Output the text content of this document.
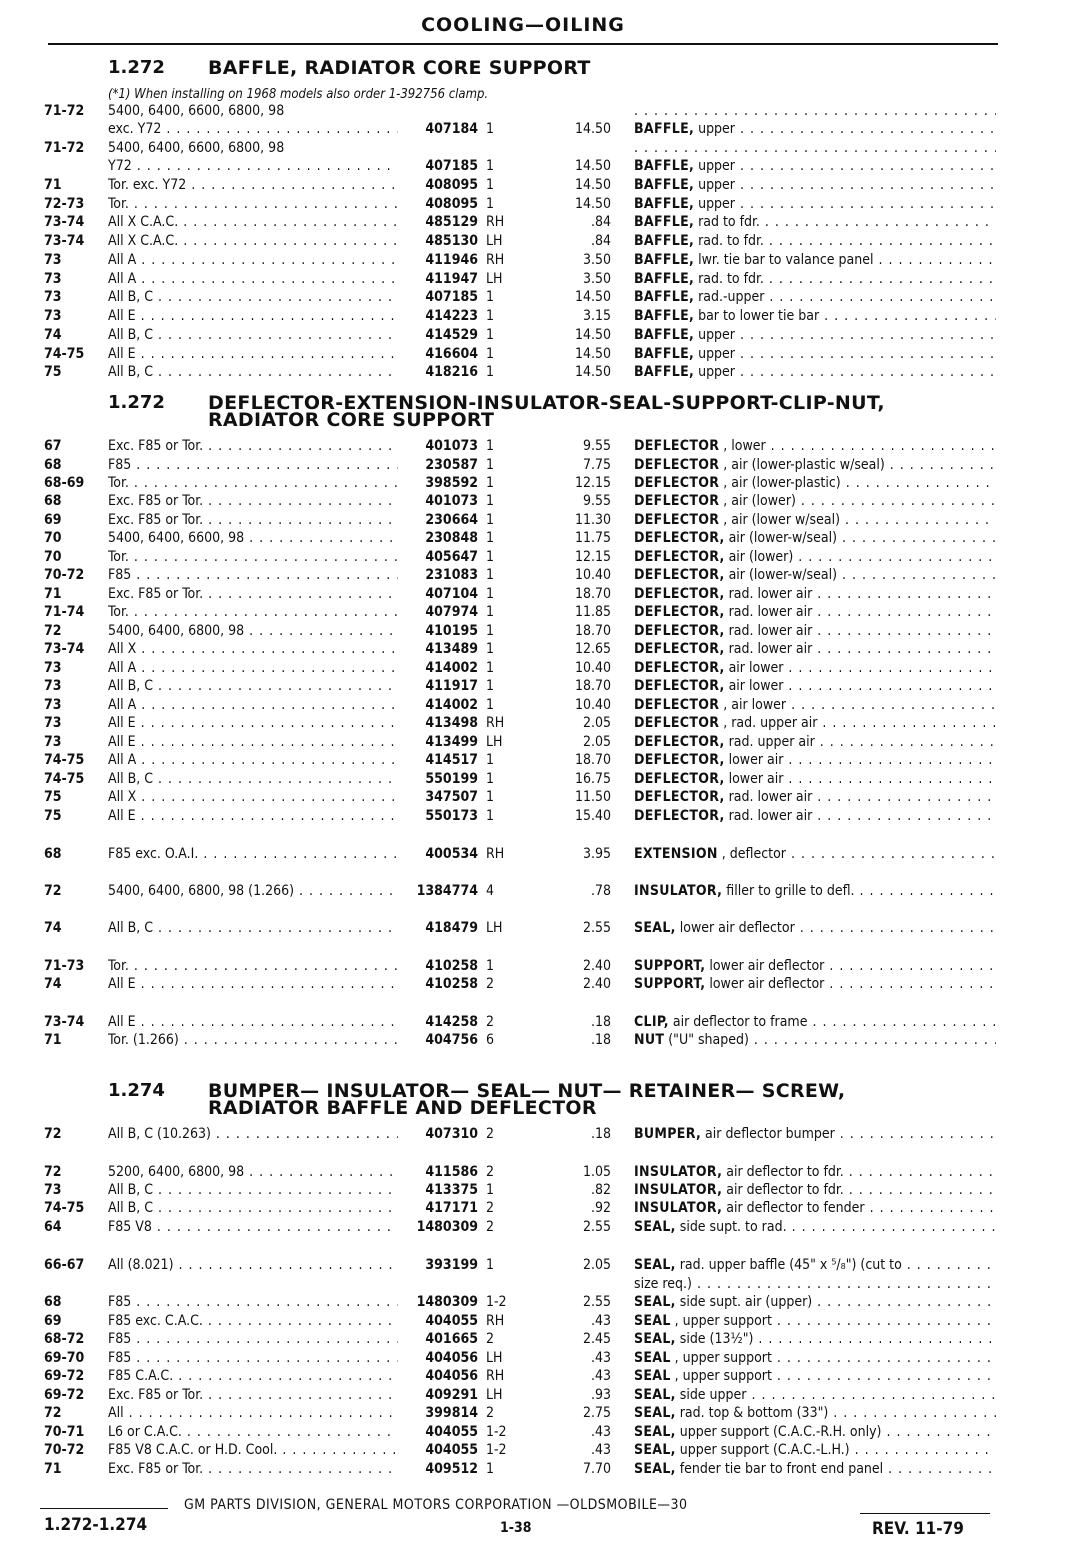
COOLING—OILING
1.272 BAFFLE, RADIATOR CORE SUPPORT
(*1) When installing on 1968 models also order 1-392756 clamp.
71-72 5400, 6400, 6600, 6800, 98
. . .
exc. Y72 . . .	407184 1	14.50 BAFFLE, upper . . .
71-72 5400, 6400, 6600, 6800, 98
. . .
Y72 . . .	407185 1	14.50 BAFFLE, upper . . .
71	Tor. exc. Y72 . . .	408095 1	14.50 BAFFLE, upper . . .
72-73 Tor. . . .	408095 1	14.50 BAFFLE, upper . . .
73-74 All X C.A.C. . . .	485129 RH	.84 BAFFLE, rad to fdr. . . .
73-74 All X C.A.C. . . .	485130 LH	.84 BAFFLE, rad. to fdr. . . .
73	All A . . .	411946 RH	3.50 BAFFLE, lwr. tie bar to valance panel . . .
73	All A . . .	411947 LH	3.50 BAFFLE, rad. to fdr. . . .
73	All B, C . . .	407185 1	14.50 BAFFLE, rad.-upper . . .
73	All E . . .	414223 1	3.15 BAFFLE, bar to lower tie bar . . .
74	All B, C . . .	414529 1	14.50 BAFFLE, upper . . .
74-75 All E . . .	416604 1	14.50 BAFFLE, upper . . .
75	All B, C . . .	418216 1	14.50 BAFFLE, upper . . .
1.272 DEFLECTOR-EXTENSION-INSULATOR-SEAL-SUPPORT-CLIP-NUT,
RADIATOR CORE SUPPORT
67	Exc. F85 or Tor. . . .	401073 1	9.55 DEFLECTOR , lower . . .
68	F85 . . .	230587 1	7.75 DEFLECTOR , air (lower-plastic w/seal) . . .
68-69 Tor. . . .	398592 1	12.15 DEFLECTOR , air (lower-plastic) . . .
68	Exc. F85 or Tor. . . .	401073 1	9.55 DEFLECTOR , air (lower) . . .
69	Exc. F85 or Tor. . . .	230664 1	11.30 DEFLECTOR , air (lower w/seal) . . .
70	5400, 6400, 6600, 98 . . .	230848 1	11.75 DEFLECTOR, air (lower-w/seal) . . .
70	Tor. . . .	405647 1	12.15 DEFLECTOR, air (lower) . . .
70-72 F85 . . .	231083 1	10.40 DEFLECTOR, air (lower-w/seal) . . .
71	Exc. F85 or Tor. . . .	407104 1	18.70 DEFLECTOR, rad. lower air . . .
71-74 Tor. . . .	407974 1	11.85 DEFLECTOR, rad. lower air . . .
72	5400, 6400, 6800, 98 . . .	410195 1	18.70 DEFLECTOR, rad. lower air . . .
73-74 All X . . .	413489 1	12.65 DEFLECTOR, rad. lower air . . .
73	All A . . .	414002 1	10.40 DEFLECTOR, air lower . . .
73	All B, C . . .	411917 1	18.70 DEFLECTOR, air lower . . .
73	All A . . .	414002 1	10.40 DEFLECTOR , air lower . . .
73	All E . . .	413498 RH	2.05 DEFLECTOR , rad. upper air . . .
73	All E . . .	413499 LH	2.05 DEFLECTOR, rad. upper air . . .
74-75 All A . . .	414517 1	18.70 DEFLECTOR, lower air . . .
74-75 All B, C . . .	550199 1	16.75 DEFLECTOR, lower air . . .
75	All X . . .	347507 1	11.50 DEFLECTOR, rad. lower air . . .
75	All E . . .	550173 1	15.40 DEFLECTOR, rad. lower air . . .
68	F85 exc. O.A.I. . . .	400534 RH	3.95 EXTENSION , deflector . . .
72	5400, 6400, 6800, 98 (1.266) . . .	1384774 4	.78 INSULATOR, filler to grille to defl. . . .
74	All B, C . . .	418479 LH	2.55 SEAL, lower air deflector . . .
71-73 Tor. . . .	410258 1	2.40 SUPPORT, lower air deflector . . .
74	All E . . .	410258 2	2.40 SUPPORT, lower air deflector . . .
73-74 All E . . .	414258 2	.18 CLIP, air deflector to frame . . .
71	Tor. (1.266) . . .	404756 6	.18 NUT ("U" shaped) . . .
1.274 BUMPER— INSULATOR— SEAL— NUT— RETAINER— SCREW,
RADIATOR BAFFLE AND DEFLECTOR
72	All B, C (10.263) . . .	407310 2	.18 BUMPER, air deflector bumper . . .
72	5200, 6400, 6800, 98 . . .	411586 2	1.05 INSULATOR, air deflector to fdr. . . .
73	All B, C . . .	413375 1	.82 INSULATOR, air deflector to fdr. . . .
74-75 All B, C . . .	417171 2	.92 INSULATOR, air deflector to fender . . .
64	F85 V8 . . .	1480309 2	2.55 SEAL, side supt. to rad. . . .
66-67 All (8.021) . . .	393199 1	2.05 SEAL, rad. upper baffle (45" x ⁵/₈") (cut to . . .
size req.) . . .
68	F85 . . .	1480309 1-2	2.55 SEAL, side supt. air (upper) . . .
69	F85 exc. C.A.C. . . .	404055 RH	.43 SEAL , upper support . . .
68-72 F85 . . .	401665 2	2.45 SEAL, side (13½") . . .
69-70 F85 . . .	404056 LH	.43 SEAL , upper support . . .
69-72 F85 C.A.C. . . .	404056 RH	.43 SEAL , upper support . . .
69-72 Exc. F85 or Tor. . . .	409291 LH	.93 SEAL, side upper . . .
72	All . . .	399814 2	2.75 SEAL, rad. top & bottom (33") . . .
70-71 L6 or C.A.C. . . .	404055 1-2	.43 SEAL, upper support (C.A.C.-R.H. only) . . .
70-72 F85 V8 C.A.C. or H.D. Cool. . . .	404055 1-2	.43 SEAL, upper support (C.A.C.-L.H.) . . .
71	Exc. F85 or Tor. . . .	409512 1	7.70 SEAL, fender tie bar to front end panel . . .
GM PARTS DIVISION, GENERAL MOTORS CORPORATION —OLDSMOBILE—30
1.272-1.274	1-38	REV. 11-79
